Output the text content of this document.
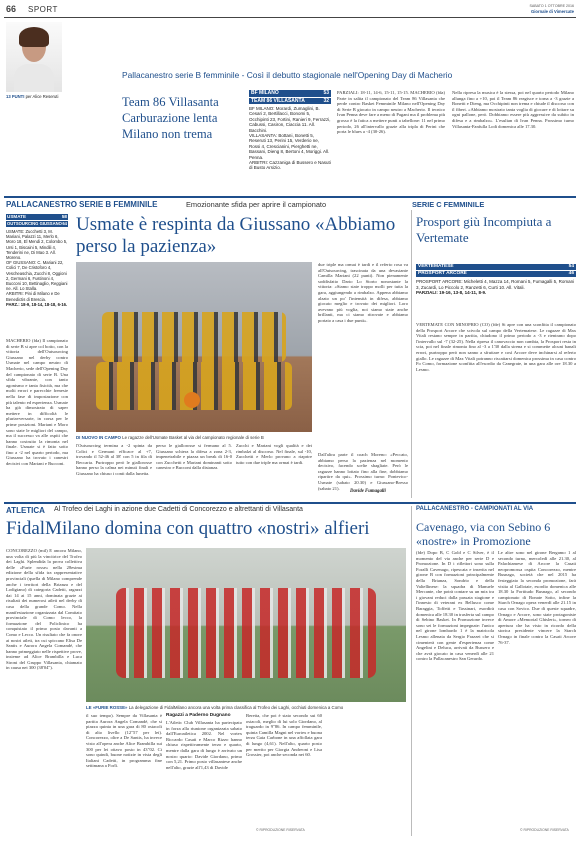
66 SPORT	SABATO 1 OTTOBRE 2016
Giornale di Vimercate
13 PUNTI per Alice Reseruti
Pallacanestro serie B femminile - Così il debutto stagionale nell'Opening Day di Macherio
Team 86 Villasanta Carburazione lenta Milano non trema
BF MILANO	53
TEAM 86 VILLASANTA	32

BF MILANO: Morardi, Zumaglini, B. Cesari 2, Bertillacci, Bonomi 5, Occhipinti 23, Fortini, Ranieri 9, Ferrazzi, Cabussi, Casiron, Ciaccia 11. All. Bacchini.

VILLASANTA: Bottani, Bonetti 5, Reseruti 13, Perini 15, Verderio ne, Rossi 4, Crescianini, Pierghetti ne, Bassani, Dieng 8, Bertoni 4, Moriggi. All. Penna.

ARBITRI: Cazzaniga di Bussero e Nasuti di Busto Arsizio.

PARZIALI: 18-11, 14-6, 15-11, 15-15. MACHERIO (fda) Parte in salita il campionato del Team 86 Villasanta che perde contro Basket Femminile Milano nell'Opening Day di Serie B giocato in campo neutro a Macherio. Il tecnico Ivan Penna deve fare a meno di Pagani ma il problema più grosso è la fatica a mettere punti a tabellone: 11 nel primo periodo, 26 all'intervallo grazie alla tripla di Perini che porta le blues a -4 (30-26).
Nella ripresa la musica è la stessa, poi nel quarto periodo Milano allunga fino a +10, poi il Team 86 reagisce e torna a -3 grazie a Bonetti e Dieng, ma Occhipinti non trema e chiude il discorso con il fibert. «Abbiamo mostrato tanta voglia di giocare e di lottare su ogni pallone, però. Dobbiamo essere più aggressive da subito in difesa e a rimbalzo». L'esultan di Ivan Penna. Prossimo turno Villasanta-Fanfulla Lodi domenica alle 17.30.
PALLACANESTRO SERIE B FEMMINILE	Emozionante sfida per aprire il campionato	SERIE C FEMMINILE
USMATE	58
OUTSOURCING GIUSSANO 64

USMATE: Zucchetti 3, M. Mariani, Palazzi 11, Merlo 6, Moro 18, El Mendi 2, Colombo 5, Ursi 1, Biscaini 5, Mindili 4, Tenderini ne, Di Mao 3. All. Moreno.

OF GIUSSANO: C. Mariani 22, Colici 7, De Cristoforo 4, Vescheaschia, Zucchi 8, Oggioni 2, Germani 6, Fustinoni 4, Bucconi 10, Bettinaglio, Reggiani ne. All. Lo Stalla.

ARBITRI: Pini di Milano e De Benedictis di Brescia.

PARZ.: 18-9, 18-14, 18-18, 6-16.

MACHERIO (fda) Il campionato di serie B si apre col botto, con la vittoria dell'Outsourcing Giussano nel derby contro Usmate nel campo neutro di Macherio, sede dell'Opening Day del campionato di serie B. Una sfida vibrante, con tanto agonismo e tanta fisicità, ma che molti errori e parecchie frenesie nella fase di impostazione con più talento ed esperienza. Usmate ha già dimostrato di saper mettere in difficoltà le pluriavversarie, in corsa per le prime posizioni. Mariani e Moro sono state le migliori del campo, ma il successo va alle ospiti che hanno costruito la rimonta nel finale. Usmate si è fatto sotto fino a -2 nel quarto periodo, ma Giussano ha trovato i canestri decisivi con Mariani e Bucconi.
Usmate è respinta da Giussano «Abbiamo perso la pazienza»
DI NUOVO IN CAMPO Le ragazze dell'Usmate Basket al via del campionato regionale di serie B
l'Outsourcing termina a -2 spinta da Colici e Germani efficace al +7, trovando il 52-46 al 38' con 5 in fila di Beccaria. Purtroppo però le giallorosse hanno perso la calma nei minuti finali e Giussano ha chiuso i conti dalla lunetta.
perso le giallorosse si fermano al 5. Giussano schiera la difesa a zona 2-3, impenetrabile e piazza un break di 16-0 con Zucchetti e Mariani dominanti sotto canestro e Bucconi dalla distanza.
Zucchi e Mariani vogli qualità e dei rimbalzi al discorso. Nel finale, sul -10, Zucchetti e Merlo provano a riaprire tutto con due triple ma ormai è tardi.
due triple ma ormai è tardi e il referto rosa va all'Outsourcing, trascinata da una devastante Camilla Mariani (22 punti). Non pienamente soddisfatto Dario Lo Storto nonostante la vittoria: «Siamo state troppo molli per tutta la gara, aggiungendo a rimbalzo. Appena abbiamo alzato un po' l'intensità in difesa, abbiamo giocato meglio e trovato dei migliori. Loro avevano più voglia, noi siamo state anche brillanti, ma ci siamo ritrovate e abbiamo portato a casa i due punti».
Dall'altra parte il coach Moreno: «Peccato, abbiamo perso la pazienza nel momento decisivo, facendo scelte sbagliate. Però le ragazze hanno lottato fino alla fine, dobbiamo ripartire da qui». Prossimo turno: Pontevico-Usmate (sabato 20.30) e Giussano-Bresso (sabato 21).
Davide Fumagalli
Prosport giù Incompiuta a Vertemate
VERTEMATESE	54
PROSPORT ARCORE	46

PROSPORT ARCORE: Micheletti 4, Mazza 14, Romani 5, Fumagalli 5, Romani 3, Zucardi, Lo Piccolo 2, Ranzetti 6, Curti 10. All. Vitali.

PARZIALI: 19-16, 13-8, 14-11, 8-9.

VERTEMATE CON MINOPRIO (CO) (fde) Si apre con una sconfitta il campionato della Prosport Arcore che scivola sul campo della Vertematese. Le ragazze di Max Vitali restano sempre in partita, chiudono il primo periodo a -3 e rientrano dopo l'intervallo sul -7 (32-25). Nella ripresa il canovaccio non cambia, la Prosport resta in scia, poi nel finale rimonta fino al -3 a 1'30 dalla sirena e si commette alcuni banali errori, purtroppo però non sanno a sfruttare e così Arcore deve inchinarsi al referto giallo. Le ragazze di Max Vitali potranno riscattarsi domenica prossima in casa contro Fo Como, formazione sconfitta all'esordio da Canegrate, in una gara alle ore 18.30 a Lesmo.
ATLETICA Al Trofeo dei Laghi in azione due Cadetti di Concorezzo e altrettanti di Villasanta
FidalMilano domina con quattro «nostri» alfieri
CONCOREZZO (mtl) E ancora Milano, una volta di più la vincitrice del Trofeo dei Laghi. Splendida la prova collettiva delle «Furie rosse» nella 28esima edizione della sfida tra rappresentative provinciali (quella di Milano comprende anche i territori della Brianza e del Lodigiano) di categoria Cadetti, ragazzi dai 14 ai 15 anni, dominata grazie ai risultati dei numerosi atleti nel derby di casa della grande Como. Nella manifestazione organizzata dal Comitato provinciale di Como lecco, la formazione del Policlinico ha conquistato il primo posto davanti a Como e Lecco. Un risultato che fa onore ai nostri atleti, tra cui spiccano Elisa De Santis e Aurora Angela Comandé, che hanno primeggiato nelle rispettive prove, insieme ad Alice Brambilla e Luca Sironi del Gruppo Villasanta, chiamato in causa nei 300 (38'04").
LE «FURIE ROSSE» La delegazione di FidalMilano ancora una volta prima classifica al Trofeo dei Laghi, occhiuti domenica a Como
il suo tempo). Sempre da Villasanta è partita Aurora Angela Comandé, che si piazza quinta in una gara di 80 ostacoli di alto livello (12"57 per lei). Concorezzo, oltre a De Santis, ha invece visto all'opera anche Alice Brambilla sui 300 per lei ottavo posto in 43"02. Ci sono quindi, buone notizie in vista degli Italiani Cadetti, in programma fine settimana a Forlì.
Ragazzi a Paderno Dugnano
L'Atletic Club Villasanta ha partecipato in forza alla riunione organizzata sabato dall'Euroatletica 2002. Nel vortex Riccardo Casati e Marco Rizzo hanno chiuso rispettivamente terzo e quarto, mentre dalla gara di lungo è arrivato un nostro quarto: Davide Giordano, primo con 5,21. Primo posto villasantese anche nell'alto, grazie all'1,43 di Davide
Beretta, che poi è stato secondo sui 60 ostacoli, meglio di lui solo Giordano, al traguardo in 9"86. In campo femminile, quinta Camilla Magni nel vortex e buona terza Gaia Carbone in una affollata gara di lungo (4,61). Nell'alto, quarto posto per merito per Giorgia Andreoni e Lisa Grossier, poi anche seconda nei 60.
© RIPRODUZIONE RISERVATA
PALLACANESTRO - CAMPIONATI AL VIA
Cavenago, via con Sebino 6 «nostre» in Promozione
(fde) Dopo B, C Gold e C Silver, è il momento del via anche per serie D e Promozione. In D i riflettori sono sulla Foralli Cavenago, ripescata e inserita nel girone B con formazioni principalmente della Brianza, Sondrio e della Valtellinese: la squadra di Manuele Mercante, che potrà contare su un mix tra i giovani reduci dalla passata stagione e l'innesto di veterani ex Bellusco come Baraggia, Toffetti e Tassinari, esordirà domenica alle 18.30 in trasferta sul campo di Sebino Basket. In Promozione invece sono sei le formazioni impegnate: l'unico nel girone lombardo 1 è la matricola Lesmo allenata da Sergio Frazzei che si cimenterà con gente d'esperienza come Angelini e Deluca, arrivati da Bussero e che avrà giocato in casa venerdì alle 21 contro la Pallacanestro San Gerardo.
Le altre sono nel girone Bergamo 1 al secondo turno, mercoledì alle 21.30, al Palachiamese di Arcore la Casati neopromossa ospita Concorezzo, mentre Busnago, società che nel 2015 ha festeggiato la seconda promozione, farà visita al Gallotaie, esordio domenica alle 18.30 la Fortitudo Busnago, al secondo campionato di Bonate Sotto, infine la Starch Ornago opera venerdì alle 21.15 in casa con Sovico. Due di queste squadre, Ornago e Arcore, sono state protagoniste di Amore «Memorial Ghisleri», torneo di apertura che ha visto in ricordo della storica presidente vincere la Starch Ornago in finale contro la Casati Arcore 76-37.
© RIPRODUZIONE RISERVATA
